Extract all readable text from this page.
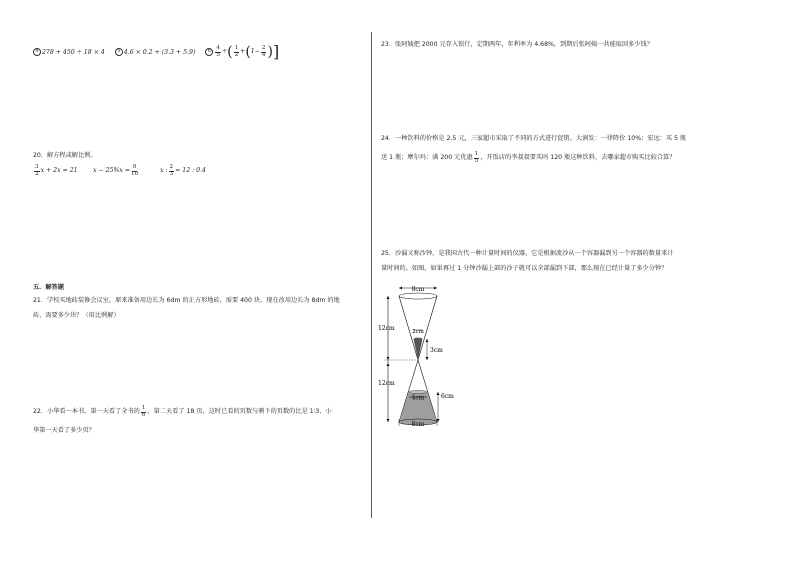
4 278 + 450 ÷ 18 × 4	5 4.6 × 0.2 + (3.3 + 5.9)	$6 \frac{4}{5}$ ÷ ( $\frac{1}{2}$ + ( $1 - \frac{2}{4}$ ) ]
20．解方程或解比例。
$\frac{3}{2}$ x + 2x = 21 $x - 25\%x = \frac{9}{10}$	x : $\frac{2}{3} = 12$ : 0.4
五．解答题
21．学校买地砖装修会议室，原来准备用边长为 6dm 的正方形地砖，需要 400 块。现在改用边长为 8dm 的地
砖，需要多少块？（用比例解）
22．小华看一本书，第一天看了全书的 $\frac{1}{6}$ ，第二天看了 18 页，这时已看的页数与剩下的页数的比是 1∶3，小
华第一天看了多少页？
23．张阿姨把 2000 元存入银行，定期两年，年利率为 4.68%，到期后张阿姨一共能取回多少钱？
24．一种饮料的价格是 2.5 元，三家超市采取了不同的方式进行促销。大润发：一律降价 10%；宏远：买 5 瓶
送 1 瓶；摩尔玛：满 200 元优惠 $\frac{1}{5}$ ，开饭店的李叔叔要买吗 120 瓶这种饮料，去哪家超市购买比较合算？
25．沙漏又称沙钟，是我国古代一种计量时间的仪器，它是根据流沙从一个容器漏到另一个容器的数量来计
量时间的。如图，如果再过 1 分钟沙漏上部的沙子就可以全部漏到下部，那么现在已经计量了多少分钟？
8cm
2cm
3cm
12cm
4cm	6cm
12cm
8cm
